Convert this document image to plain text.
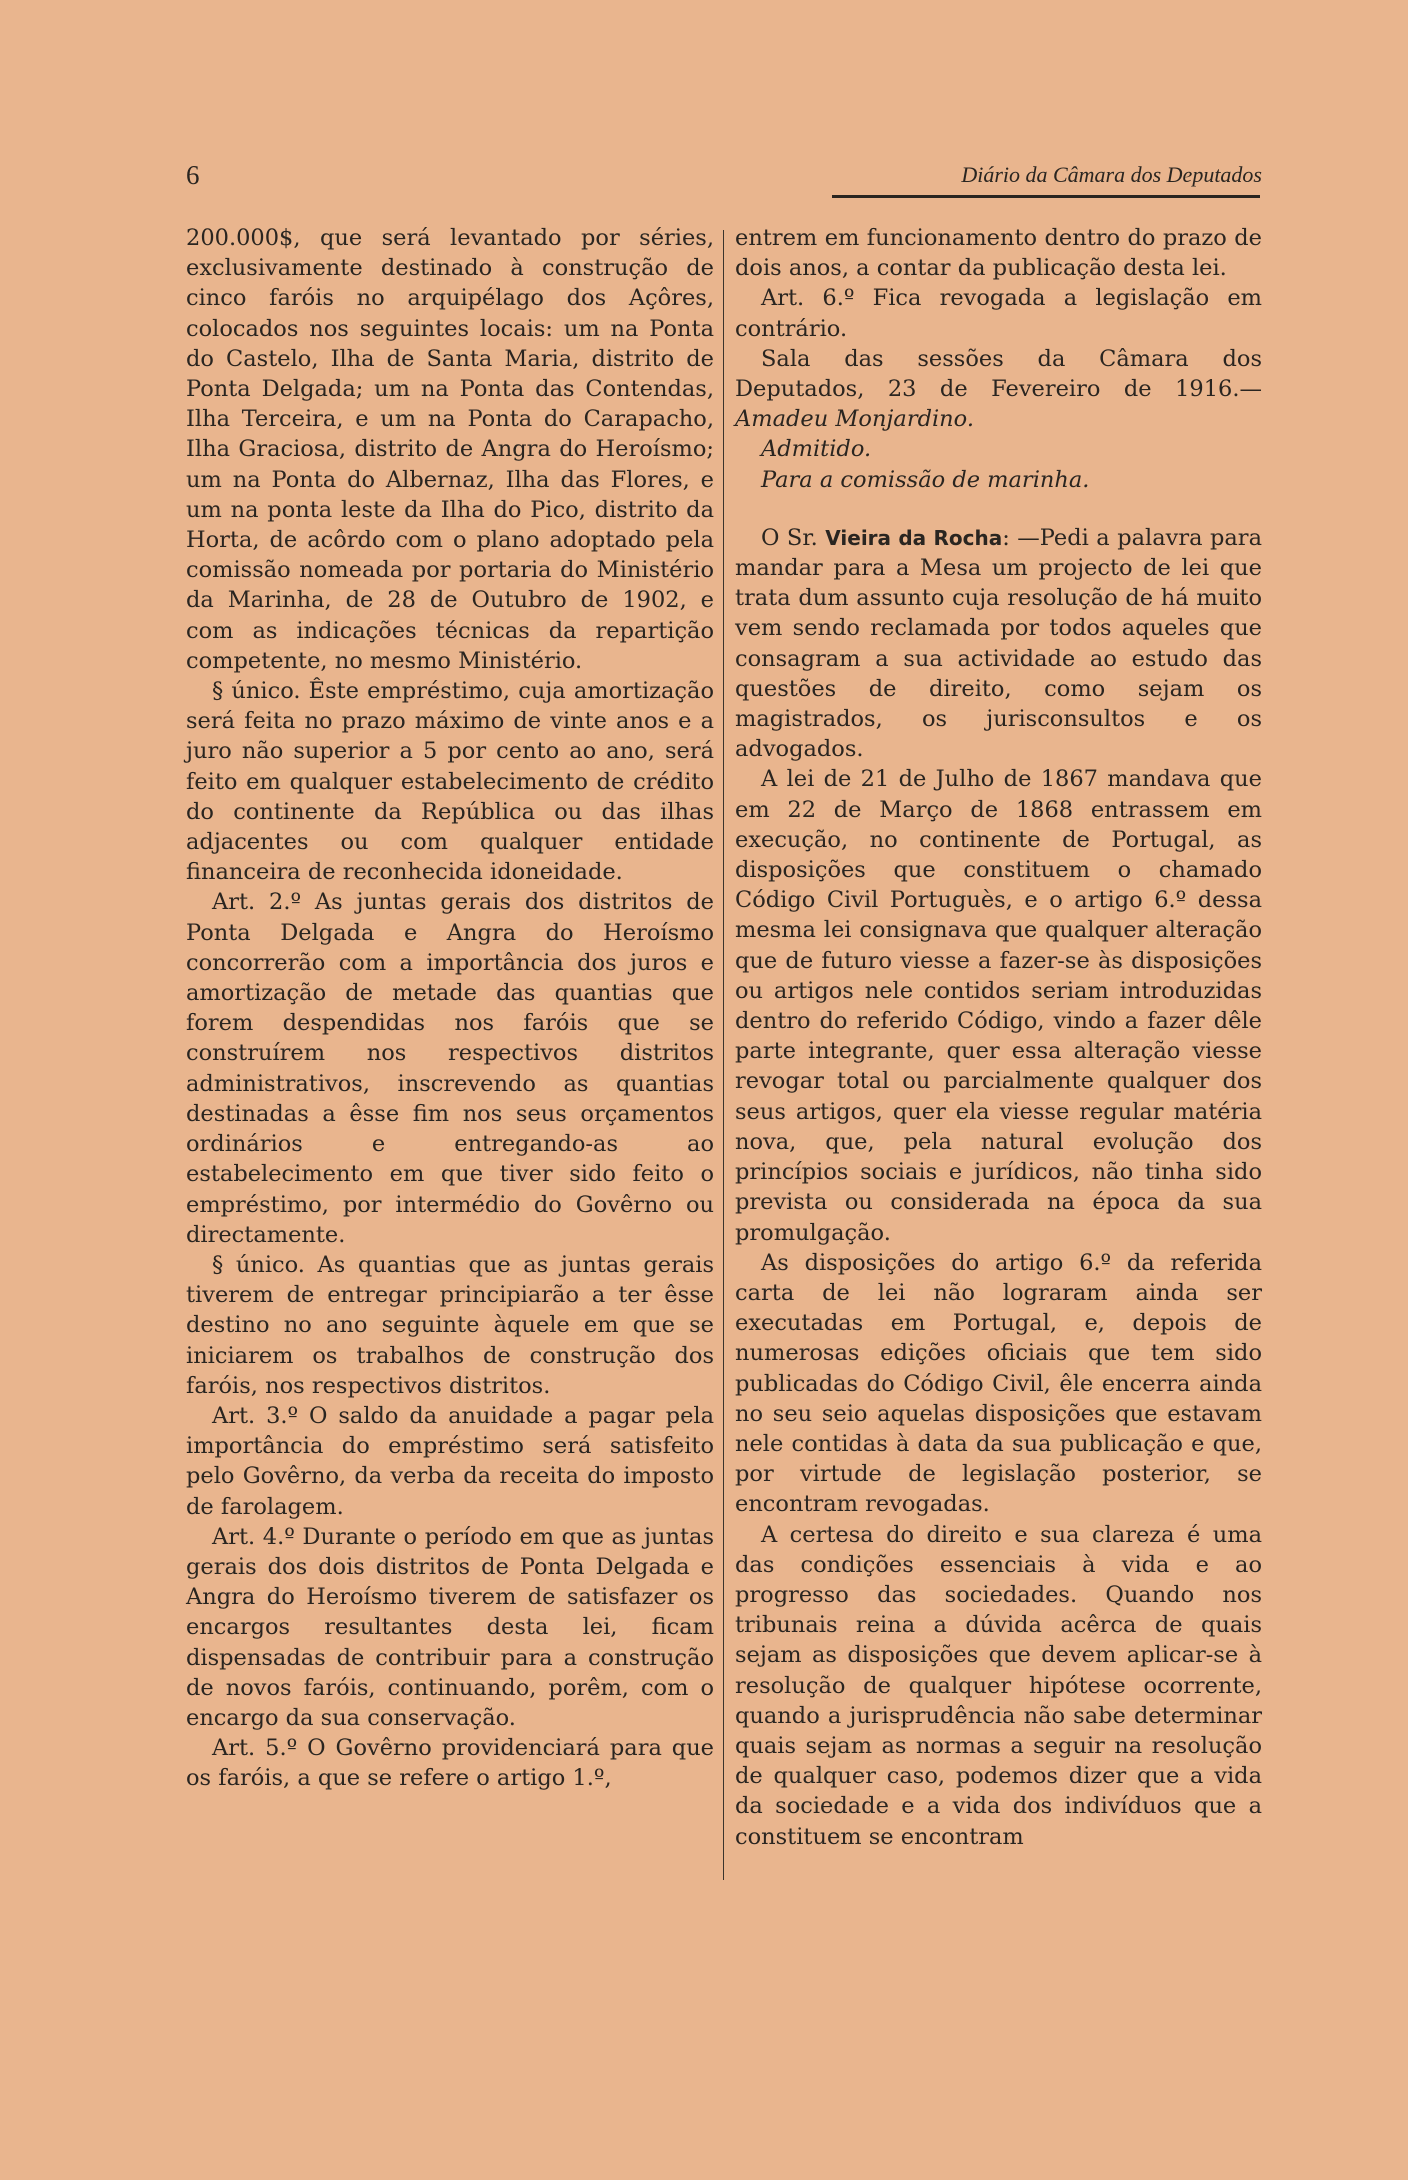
6	Diário da Câmara dos Deputados

200.000$, que será levantado por séries, exclusivamente destinado à construção de cinco faróis no arquipélago dos Açôres, colocados nos seguintes locais: um na Ponta do Castelo, Ilha de Santa Maria, distrito de Ponta Delgada; um na Ponta das Contendas, Ilha Terceira, e um na Ponta do Carapacho, Ilha Graciosa, distrito de Angra do Heroísmo; um na Ponta do Albernaz, Ilha das Flores, e um na ponta leste da Ilha do Pico, distrito da Horta, de acôrdo com o plano adoptado pela comissão nomeada por portaria do Ministério da Marinha, de 28 de Outubro de 1902, e com as indicações técnicas da repartição competente, no mesmo Ministério.

§ único. Êste empréstimo, cuja amortização será feita no prazo máximo de vinte anos e a juro não superior a 5 por cento ao ano, será feito em qualquer estabelecimento de crédito do continente da República ou das ilhas adjacentes ou com qualquer entidade financeira de reconhecida idoneidade.

Art. 2.º As juntas gerais dos distritos de Ponta Delgada e Angra do Heroísmo concorrerão com a importância dos juros e amortização de metade das quantias que forem despendidas nos faróis que se construírem nos respectivos distritos administrativos, inscrevendo as quantias destinadas a êsse fim nos seus orçamentos ordinários e entregando-as ao estabelecimento em que tiver sido feito o empréstimo, por intermédio do Govêrno ou directamente.

§ único. As quantias que as juntas gerais tiverem de entregar principiarão a ter êsse destino no ano seguinte àquele em que se iniciarem os trabalhos de construção dos faróis, nos respectivos distritos.

Art. 3.º O saldo da anuidade a pagar pela importância do empréstimo será satisfeito pelo Govêrno, da verba da receita do imposto de farolagem.

Art. 4.º Durante o período em que as juntas gerais dos dois distritos de Ponta Delgada e Angra do Heroísmo tiverem de satisfazer os encargos resultantes desta lei, ficam dispensadas de contribuir para a construção de novos faróis, continuando, porêm, com o encargo da sua conservação.

Art. 5.º O Govêrno providenciará para que os faróis, a que se refere o artigo 1.º,

entrem em funcionamento dentro do prazo de dois anos, a contar da publicação desta lei.

Art. 6.º Fica revogada a legislação em contrário.

Sala das sessões da Câmara dos Deputados, 23 de Fevereiro de 1916.—Amadeu Monjardino.

Admitido.

Para a comissão de marinha.

O Sr. Vieira da Rocha: —Pedi a palavra para mandar para a Mesa um projecto de lei que trata dum assunto cuja resolução de há muito vem sendo reclamada por todos aqueles que consagram a sua actividade ao estudo das questões de direito, como sejam os magistrados, os jurisconsultos e os advogados.

A lei de 21 de Julho de 1867 mandava que em 22 de Março de 1868 entrassem em execução, no continente de Portugal, as disposições que constituem o chamado Código Civil Portuguès, e o artigo 6.º dessa mesma lei consignava que qualquer alteração que de futuro viesse a fazer-se às disposições ou artigos nele contidos seriam introduzidas dentro do referido Código, vindo a fazer dêle parte integrante, quer essa alteração viesse revogar total ou parcialmente qualquer dos seus artigos, quer ela viesse regular matéria nova, que, pela natural evolução dos princípios sociais e jurídicos, não tinha sido prevista ou considerada na época da sua promulgação.

As disposições do artigo 6.º da referida carta de lei não lograram ainda ser executadas em Portugal, e, depois de numerosas edições oficiais que tem sido publicadas do Código Civil, êle encerra ainda no seu seio aquelas disposições que estavam nele contidas à data da sua publicação e que, por virtude de legislação posterior, se encontram revogadas.

A certesa do direito e sua clareza é uma das condições essenciais à vida e ao progresso das sociedades. Quando nos tribunais reina a dúvida acêrca de quais sejam as disposições que devem aplicar-se à resolução de qualquer hipótese ocorrente, quando a jurisprudência não sabe determinar quais sejam as normas a seguir na resolução de qualquer caso, podemos dizer que a vida da sociedade e a vida dos indivíduos que a constituem se encontram
